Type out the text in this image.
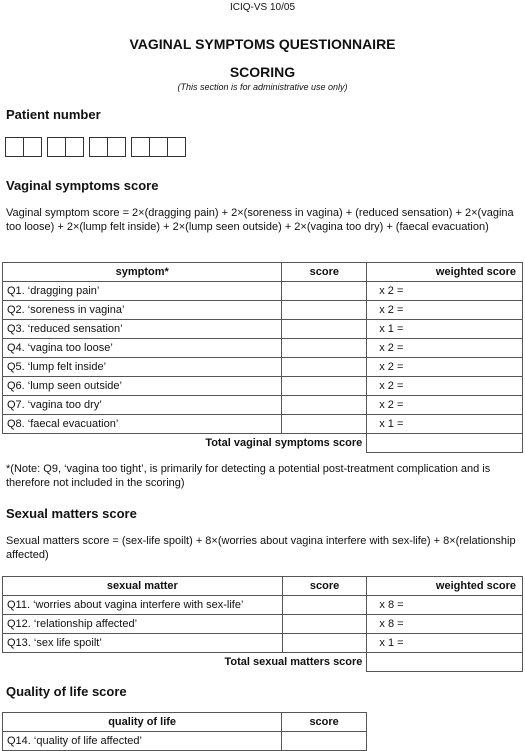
ICIQ-VS 10/05
VAGINAL SYMPTOMS QUESTIONNAIRE
SCORING
(This section is for administrative use only)
Patient number
Vaginal symptoms score
Vaginal symptom score = 2×(dragging pain) + 2×(soreness in vagina) + (reduced sensation) + 2×(vagina too loose) + 2×(lump felt inside) + 2×(lump seen outside) + 2×(vagina too dry) + (faecal evacuation)
symptom*	score	weighted score
Q1. ‘dragging pain’		x 2 =
Q2. ‘soreness in vagina’		x 2 =
Q3. ‘reduced sensation’		x 1 =
Q4. ‘vagina too loose’		x 2 =
Q5. ‘lump felt inside’		x 2 =
Q6. ‘lump seen outside’		x 2 =
Q7. ‘vagina too dry’		x 2 =
Q8. ‘faecal evacuation’		x 1 =
Total vaginal symptoms score		
*(Note: Q9, ‘vagina too tight’, is primarily for detecting a potential post-treatment complication and is therefore not included in the scoring)
Sexual matters score
Sexual matters score = (sex-life spoilt) + 8×(worries about vagina interfere with sex-life) + 8×(relationship affected)
sexual matter	score	weighted score
Q11. ‘worries about vagina interfere with sex-life’		x 8 =
Q12. ‘relationship affected’		x 8 =
Q13. ‘sex life spoilt’		x 1 =
Total sexual matters score		
Quality of life score
quality of life	score
Q14. ‘quality of life affected’	
